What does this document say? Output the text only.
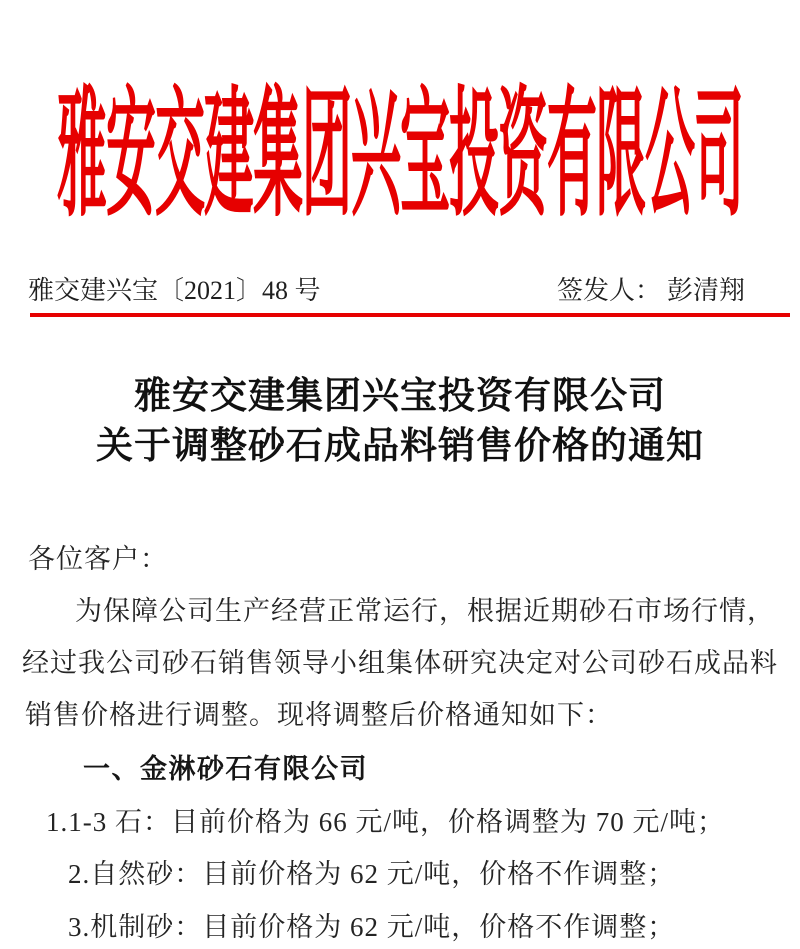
雅安交建集团兴宝投资有限公司
雅交建兴宝〔2021〕48 号	签发人： 彭清翔
雅安交建集团兴宝投资有限公司
关于调整砂石成品料销售价格的通知
各位客户：
为保障公司生产经营正常运行，根据近期砂石市场行情，
经过我公司砂石销售领导小组集体研究决定对公司砂石成品料
销售价格进行调整。现将调整后价格通知如下：
一、金淋砂石有限公司
1.1-3 石：目前价格为 66 元/吨，价格调整为 70 元/吨；
2.自然砂：目前价格为 62 元/吨，价格不作调整；
3.机制砂：目前价格为 62 元/吨，价格不作调整；
